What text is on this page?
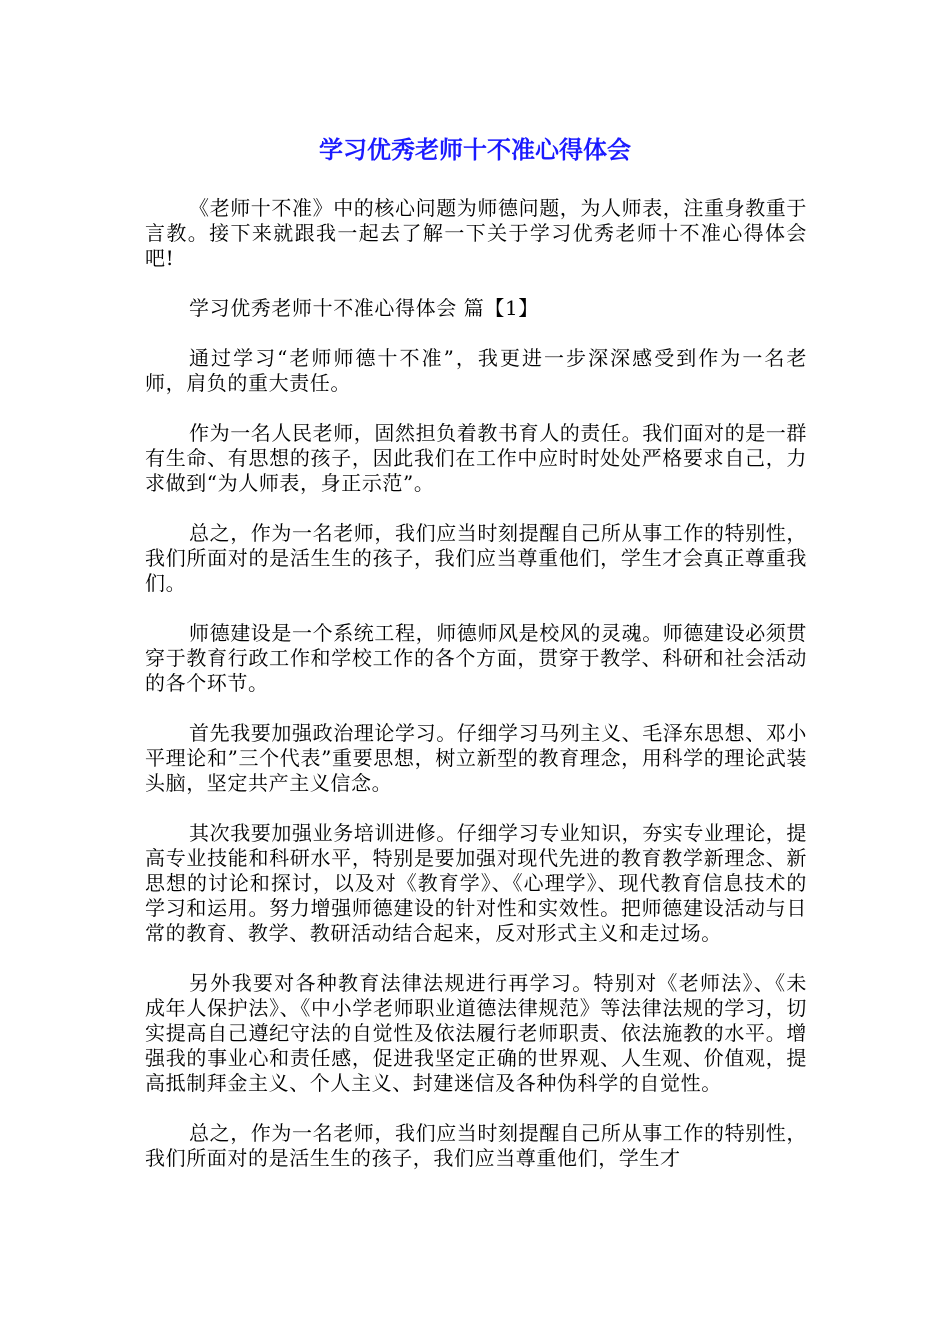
学习优秀老师十不准心得体会

《老师十不准》中的核心问题为师德问题，为人师表，注重身教重于言教。接下来就跟我一起去了解一下关于学习优秀老师十不准心得体会吧!

学习优秀老师十不准心得体会 篇【1】

通过学习“老师师德十不准”，我更进一步深深感受到作为一名老师，肩负的重大责任。

作为一名人民老师，固然担负着教书育人的责任。我们面对的是一群有生命、有思想的孩子，因此我们在工作中应时时处处严格要求自己，力求做到“为人师表，身正示范”。

总之，作为一名老师，我们应当时刻提醒自己所从事工作的特别性，我们所面对的是活生生的孩子，我们应当尊重他们，学生才会真正尊重我们。

师德建设是一个系统工程，师德师风是校风的灵魂。师德建设必须贯穿于教育行政工作和学校工作的各个方面，贯穿于教学、科研和社会活动的各个环节。

首先我要加强政治理论学习。仔细学习马列主义、毛泽东思想、邓小平理论和”三个代表”重要思想，树立新型的教育理念，用科学的理论武装头脑，坚定共产主义信念。

其次我要加强业务培训进修。仔细学习专业知识，夯实专业理论，提高专业技能和科研水平，特别是要加强对现代先进的教育教学新理念、新思想的讨论和探讨，以及对《教育学》、《心理学》、现代教育信息技术的学习和运用。努力增强师德建设的针对性和实效性。把师德建设活动与日常的教育、教学、教研活动结合起来，反对形式主义和走过场。

另外我要对各种教育法律法规进行再学习。特别对《老师法》、《未成年人保护法》、《中小学老师职业道德法律规范》等法律法规的学习，切实提高自己遵纪守法的自觉性及依法履行老师职责、依法施教的水平。增强我的事业心和责任感，促进我坚定正确的世界观、人生观、价值观，提高抵制拜金主义、个人主义、封建迷信及各种伪科学的自觉性。

总之，作为一名老师，我们应当时刻提醒自己所从事工作的特别性，我们所面对的是活生生的孩子，我们应当尊重他们，学生才
